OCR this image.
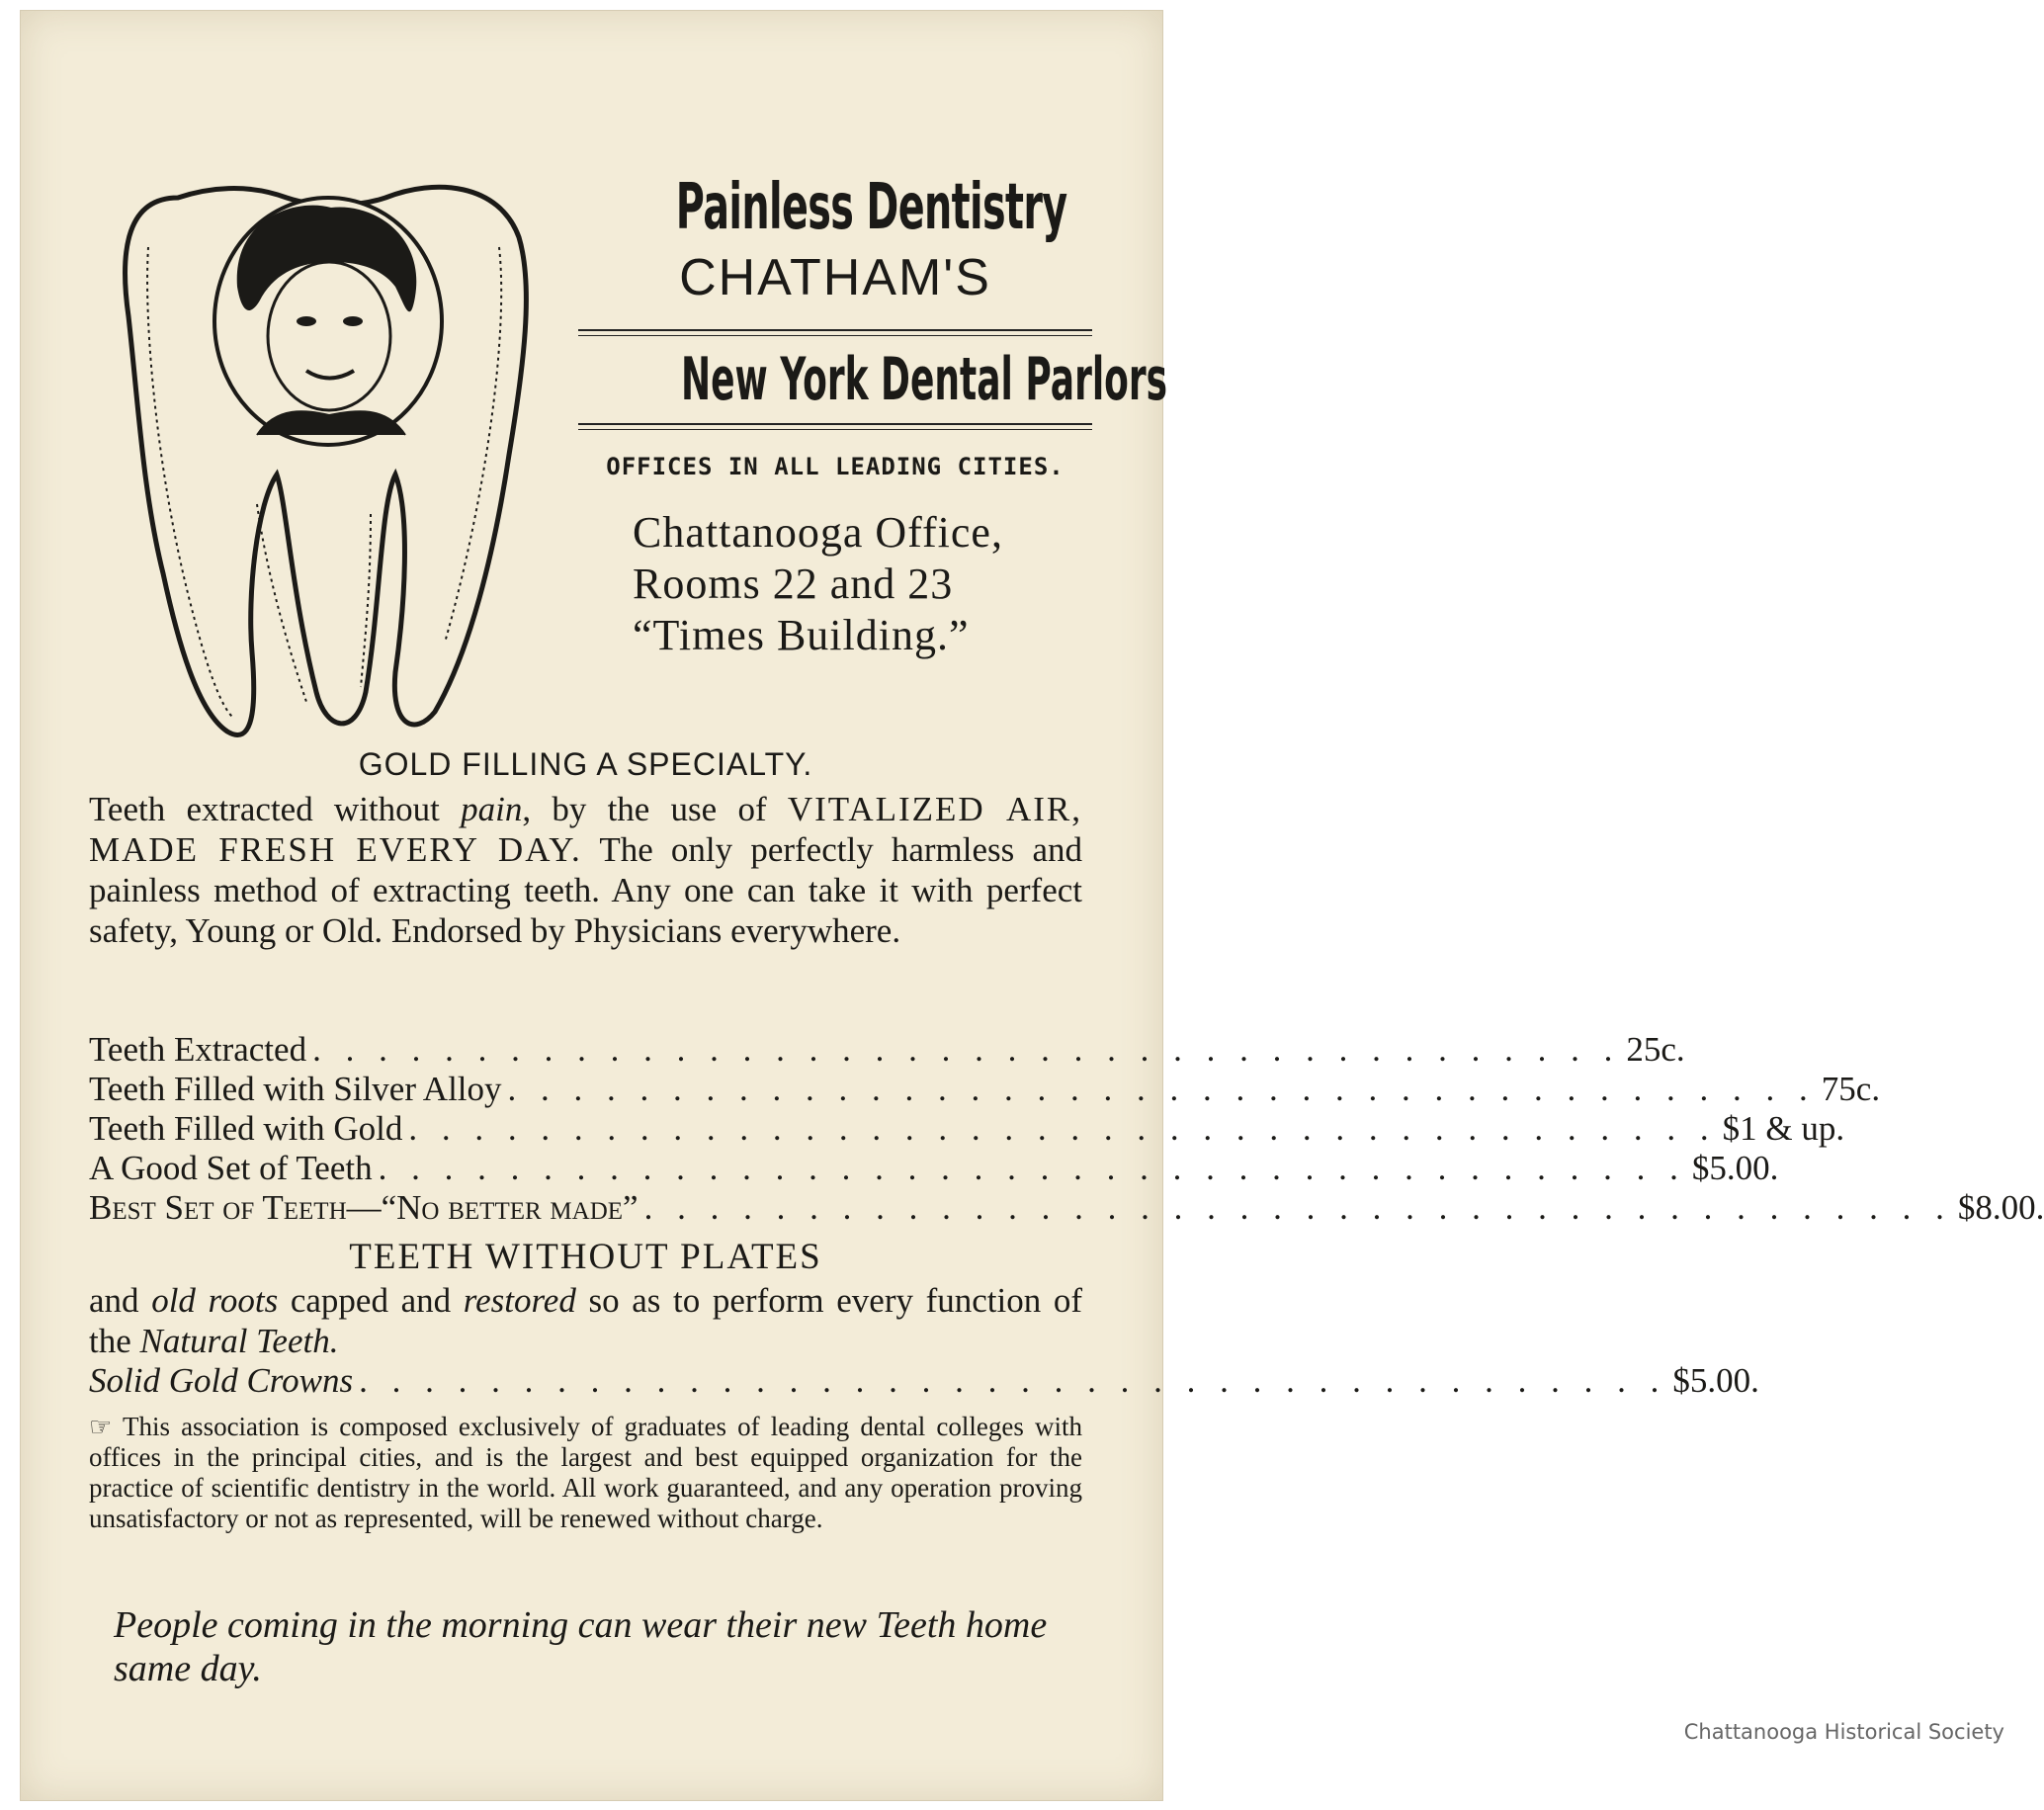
Painless Dentistry
CHATHAM'S
New York Dental Parlors
OFFICES IN ALL LEADING CITIES.
Chattanooga Office,
Rooms 22 and 23
“Times Building.”
GOLD FILLING A SPECIALTY.
Teeth extracted without pain, by the use of VITALIZED AIR, MADE FRESH EVERY DAY. The only perfectly harmless and painless method of extracting teeth. Any one can take it with perfect safety, Young or Old. Endorsed by Physicians everywhere.
Teeth Extracted . . . . . . . . . . . . . . . . . . . . . . . . . . . . . . . . . . . . . . . . 25c.
Teeth Filled with Silver Alloy . . . . . . . . . . . . . . . . . . . . . . . . . . . . . . . . . . . . . . . . 75c.
Teeth Filled with Gold . . . . . . . . . . . . . . . . . . . . . . . . . . . . . . . . . . . . . . . . $1 & up.
A Good Set of Teeth . . . . . . . . . . . . . . . . . . . . . . . . . . . . . . . . . . . . . . . . $5.00.
Best Set of Teeth—“No better made” . . . . . . . . . . . . . . . . . . . . . . . . . . . . . . . . . . . . . . . . $8.00.
TEETH WITHOUT PLATES
and old roots capped and restored so as to perform every function of the Natural Teeth.
Solid Gold Crowns . . . . . . . . . . . . . . . . . . . . . . . . . . . . . . . . . . . . . . . . $5.00.
☞ This association is composed exclusively of graduates of leading dental colleges with offices in the principal cities, and is the largest and best equipped organization for the practice of scientific dentistry in the world. All work guaranteed, and any operation proving unsatisfactory or not as represented, will be renewed without charge.
People coming in the morning can wear their new Teeth home same day.
Chattanooga Historical Society
